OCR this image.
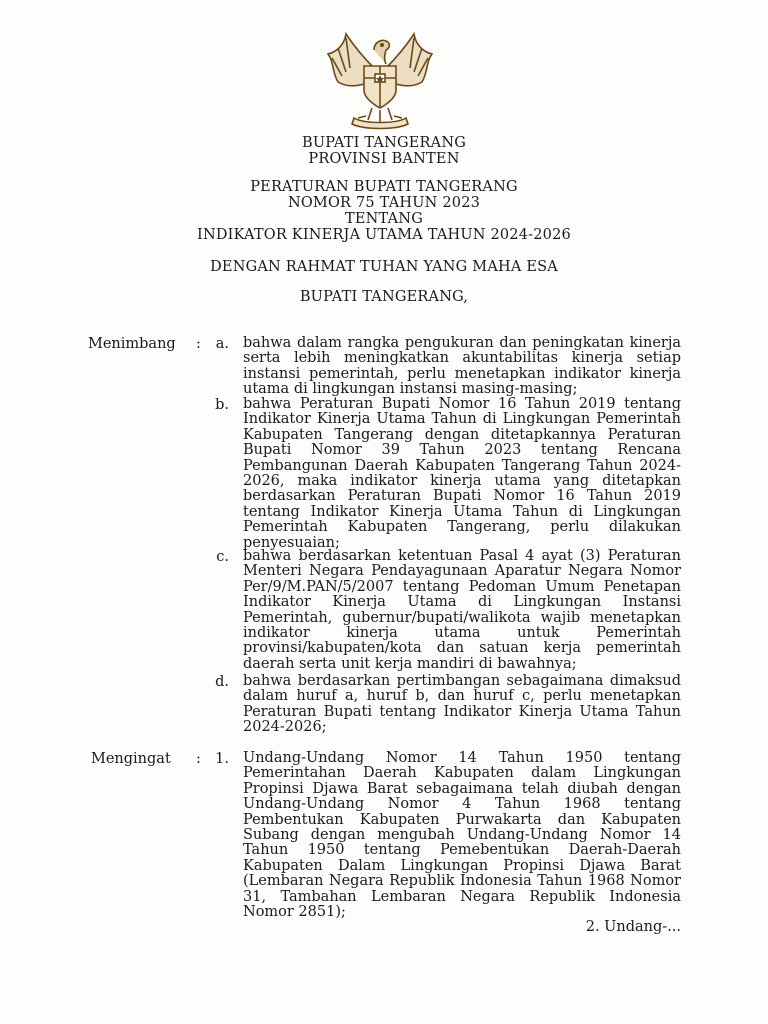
BUPATI TANGERANG
PROVINSI BANTEN
PERATURAN BUPATI TANGERANG
NOMOR 75 TAHUN 2023
TENTANG
INDIKATOR KINERJA UTAMA TAHUN 2024-2026
DENGAN RAHMAT TUHAN YANG MAHA ESA
BUPATI TANGERANG,
Menimbang :	a. bahwa dalam rangka pengukuran dan peningkatan kinerja serta lebih meningkatkan akuntabilitas kinerja setiap instansi pemerintah, perlu menetapkan indikator kinerja utama di lingkungan instansi masing-masing;
b. bahwa Peraturan Bupati Nomor 16 Tahun 2019 tentang Indikator Kinerja Utama Tahun di Lingkungan Pemerintah Kabupaten Tangerang dengan ditetapkannya Peraturan Bupati Nomor 39 Tahun 2023 tentang Rencana Pembangunan Daerah Kabupaten Tangerang Tahun 2024-2026, maka indikator kinerja utama yang ditetapkan berdasarkan Peraturan Bupati Nomor 16 Tahun 2019 tentang Indikator Kinerja Utama Tahun di Lingkungan Pemerintah Kabupaten Tangerang, perlu dilakukan penyesuaian;
c. bahwa berdasarkan ketentuan Pasal 4 ayat (3) Peraturan Menteri Negara Pendayagunaan Aparatur Negara Nomor Per/9/M.PAN/5/2007 tentang Pedoman Umum Penetapan Indikator Kinerja Utama di Lingkungan Instansi Pemerintah, gubernur/bupati/walikota wajib menetapkan indikator kinerja utama untuk Pemerintah provinsi/kabupaten/kota dan satuan kerja pemerintah daerah serta unit kerja mandiri di bawahnya;
d. bahwa berdasarkan pertimbangan sebagaimana dimaksud dalam huruf a, huruf b, dan huruf c, perlu menetapkan Peraturan Bupati tentang Indikator Kinerja Utama Tahun 2024-2026;
Mengingat : 1. Undang-Undang Nomor 14 Tahun 1950 tentang Pemerintahan Daerah Kabupaten dalam Lingkungan Propinsi Djawa Barat sebagaimana telah diubah dengan Undang-Undang Nomor 4 Tahun 1968 tentang Pembentukan Kabupaten Purwakarta dan Kabupaten Subang dengan mengubah Undang-Undang Nomor 14 Tahun 1950 tentang Pemebentukan Daerah-Daerah Kabupaten Dalam Lingkungan Propinsi Djawa Barat (Lembaran Negara Republik Indonesia Tahun 1968 Nomor 31, Tambahan Lembaran Negara Republik Indonesia Nomor 2851);
2. Undang-...
